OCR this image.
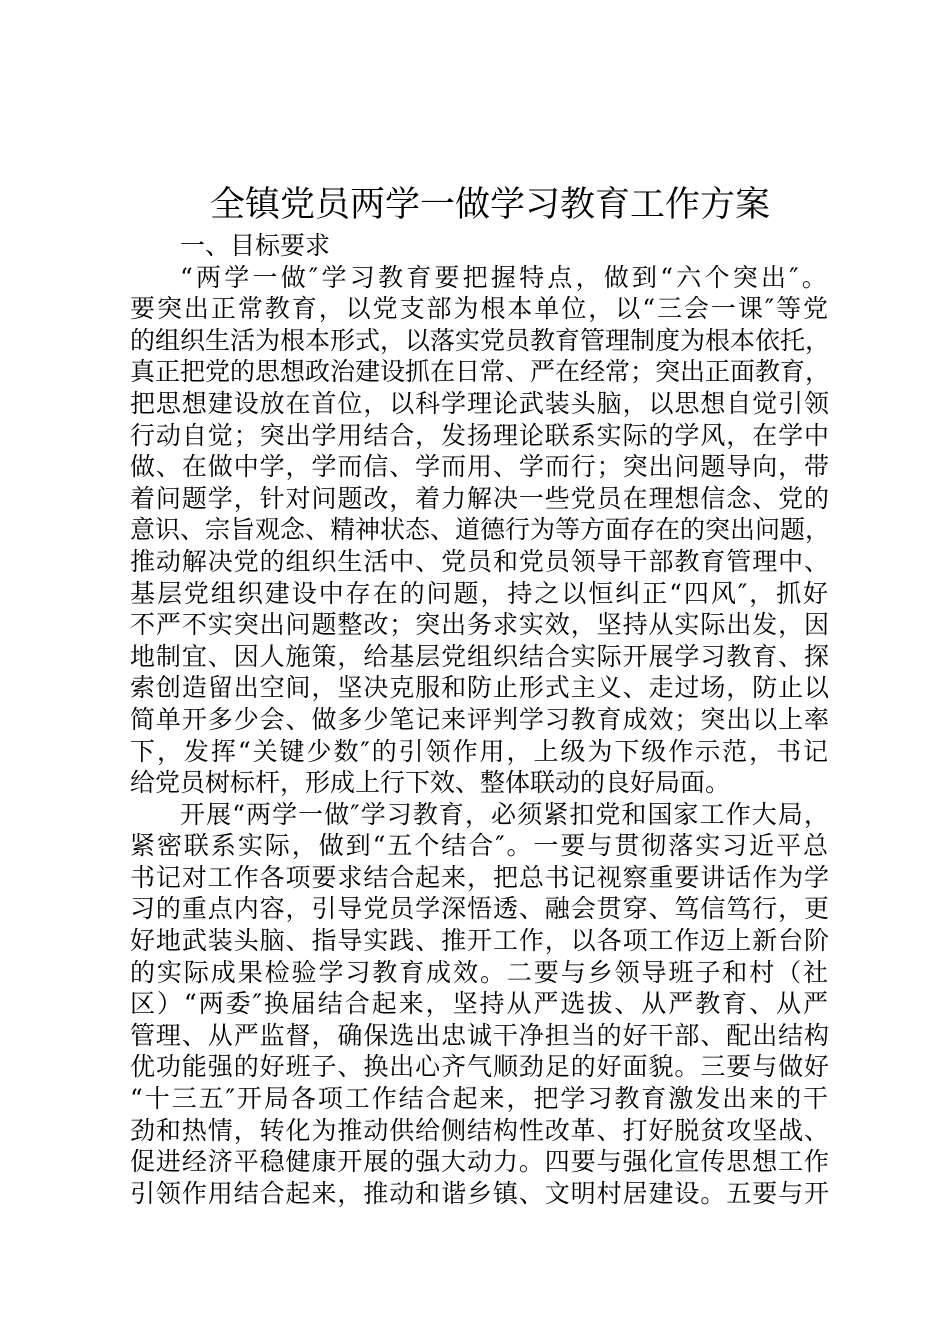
全镇党员两学一做学习教育工作方案
一、目标要求
“两学一做″学习教育要把握特点，做到“六个突出″。
要突出正常教育，以党支部为根本单位，以“三会一课″等党
的组织生活为根本形式，以落实党员教育管理制度为根本依托，
真正把党的思想政治建设抓在日常、严在经常；突出正面教育，
把思想建设放在首位，以科学理论武装头脑，以思想自觉引领
行动自觉；突出学用结合，发扬理论联系实际的学风，在学中
做、在做中学，学而信、学而用、学而行；突出问题导向，带
着问题学，针对问题改，着力解决一些党员在理想信念、党的
意识、宗旨观念、精神状态、道德行为等方面存在的突出问题，
推动解决党的组织生活中、党员和党员领导干部教育管理中、
基层党组织建设中存在的问题，持之以恒纠正“四风″，抓好
不严不实突出问题整改；突出务求实效，坚持从实际出发，因
地制宜、因人施策，给基层党组织结合实际开展学习教育、探
索创造留出空间，坚决克服和防止形式主义、走过场，防止以
简单开多少会、做多少笔记来评判学习教育成效；突出以上率
下，发挥“关键少数″的引领作用，上级为下级作示范，书记
给党员树标杆，形成上行下效、整体联动的良好局面。
开展“两学一做″学习教育，必须紧扣党和国家工作大局，
紧密联系实际，做到“五个结合″。一要与贯彻落实习近平总
书记对工作各项要求结合起来，把总书记视察重要讲话作为学
习的重点内容，引导党员学深悟透、融会贯穿、笃信笃行，更
好地武装头脑、指导实践、推开工作，以各项工作迈上新台阶
的实际成果检验学习教育成效。二要与乡领导班子和村（社
区）“两委″换届结合起来，坚持从严选拔、从严教育、从严
管理、从严监督，确保选出忠诚干净担当的好干部、配出结构
优功能强的好班子、换出心齐气顺劲足的好面貌。三要与做好
“十三五″开局各项工作结合起来，把学习教育激发出来的干
劲和热情，转化为推动供给侧结构性改革、打好脱贫攻坚战、
促进经济平稳健康开展的强大动力。四要与强化宣传思想工作
引领作用结合起来，推动和谐乡镇、文明村居建设。五要与开
